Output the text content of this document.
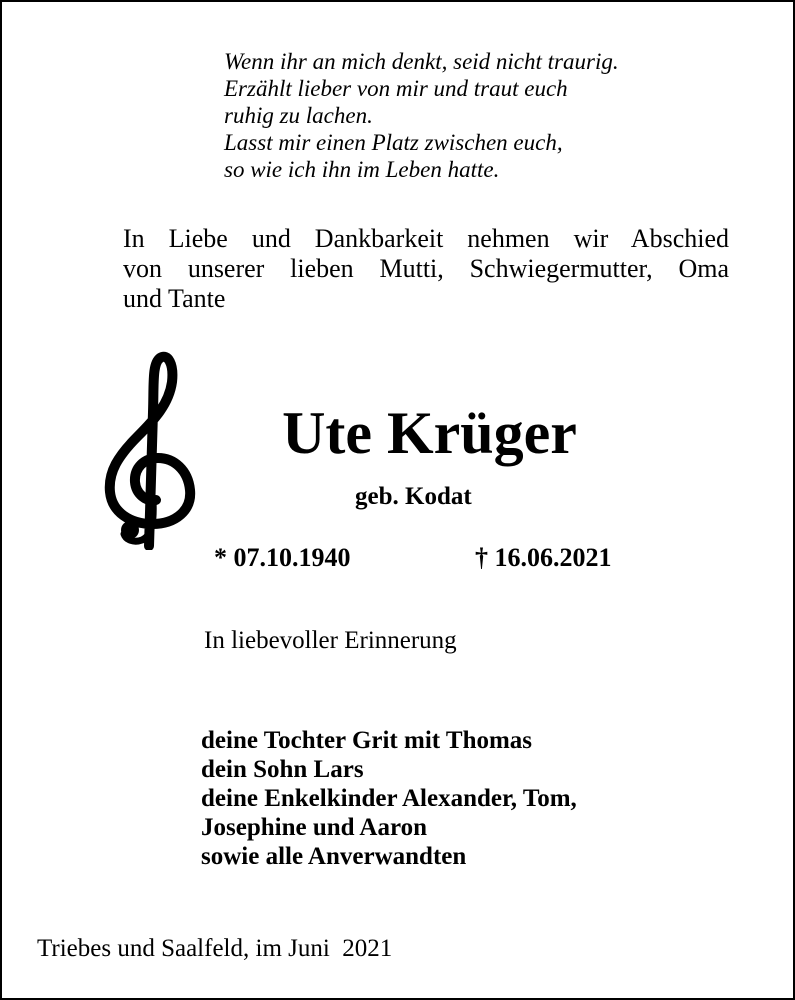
Wenn ihr an mich denkt, seid nicht traurig.
Erzählt lieber von mir und traut euch
ruhig zu lachen.
Lasst mir einen Platz zwischen euch,
so wie ich ihn im Leben hatte.
In Liebe und Dankbarkeit nehmen wir Abschied
von unserer lieben Mutti, Schwiegermutter, Oma
und Tante
Ute Krüger
geb. Kodat
* 07.10.1940	† 16.06.2021
In liebevoller Erinnerung
deine Tochter Grit mit Thomas
dein Sohn Lars
deine Enkelkinder Alexander, Tom,
Josephine und Aaron
sowie alle Anverwandten
Triebes und Saalfeld, im Juni  2021
